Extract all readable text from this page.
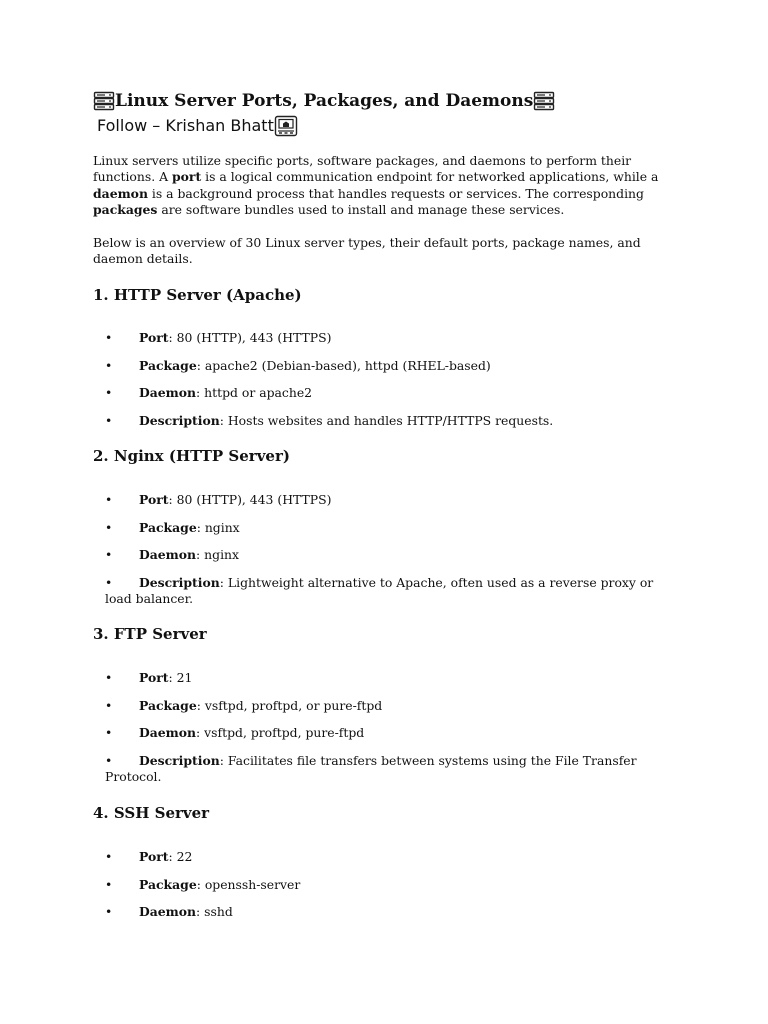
Linux Server Ports, Packages, and Daemons
Follow – Krishan Bhatt

Linux servers utilize specific ports, software packages, and daemons to perform their functions. A port is a logical communication endpoint for networked applications, while a daemon is a background process that handles requests or services. The corresponding packages are software bundles used to install and manage these services.

Below is an overview of 30 Linux server types, their default ports, package names, and daemon details.

1. HTTP Server (Apache)
• Port: 80 (HTTP), 443 (HTTPS)
• Package: apache2 (Debian-based), httpd (RHEL-based)
• Daemon: httpd or apache2
• Description: Hosts websites and handles HTTP/HTTPS requests.
2. Nginx (HTTP Server)
• Port: 80 (HTTP), 443 (HTTPS)
• Package: nginx
• Daemon: nginx
• Description: Lightweight alternative to Apache, often used as a reverse proxy or load balancer.
3. FTP Server
• Port: 21
• Package: vsftpd, proftpd, or pure-ftpd
• Daemon: vsftpd, proftpd, pure-ftpd
• Description: Facilitates file transfers between systems using the File Transfer Protocol.
4. SSH Server
• Port: 22
• Package: openssh-server
• Daemon: sshd
